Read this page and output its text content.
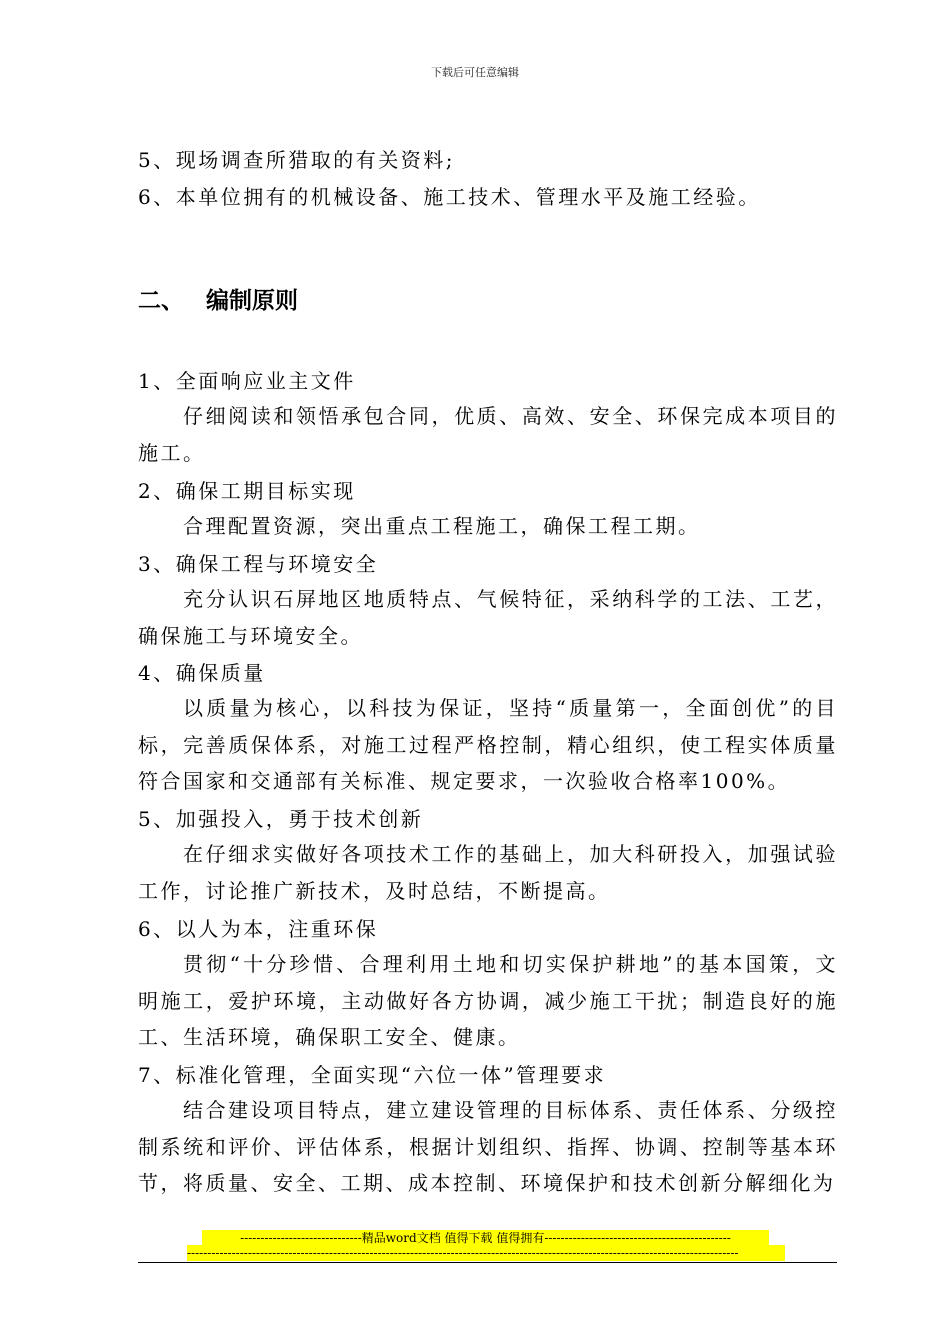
下载后可任意编辑
5、现场调查所猎取的有关资料;
6、本单位拥有的机械设备、施工技术、管理水平及施工经验。
二、 编制原则
1、全面响应业主文件
仔细阅读和领悟承包合同，优质、高效、安全、环保完成本项目的施工。
2、确保工期目标实现
合理配置资源，突出重点工程施工，确保工程工期。
3、确保工程与环境安全
充分认识石屏地区地质特点、气候特征，采纳科学的工法、工艺，确保施工与环境安全。
4、确保质量
以质量为核心，以科技为保证，坚持“质量第一，全面创优”的目标，完善质保体系，对施工过程严格控制，精心组织，使工程实体质量符合国家和交通部有关标准、规定要求，一次验收合格率100%。
5、加强投入，勇于技术创新
在仔细求实做好各项技术工作的基础上，加大科研投入，加强试验工作，讨论推广新技术，及时总结，不断提高。
6、以人为本，注重环保
贯彻“十分珍惜、合理利用土地和切实保护耕地”的基本国策，文明施工，爱护环境，主动做好各方协调，减少施工干扰；制造良好的施工、生活环境，确保职工安全、健康。
7、标准化管理，全面实现“六位一体”管理要求
结合建设项目特点，建立建设管理的目标体系、责任体系、分级控制系统和评价、评估体系，根据计划组织、指挥、协调、控制等基本环节，将质量、安全、工期、成本控制、环境保护和技术创新分解细化为
------------------------------精品word文档 值得下载 值得拥有----------------------------------------------
----------------------------------------------------------------------------------------------------------------------------------------
